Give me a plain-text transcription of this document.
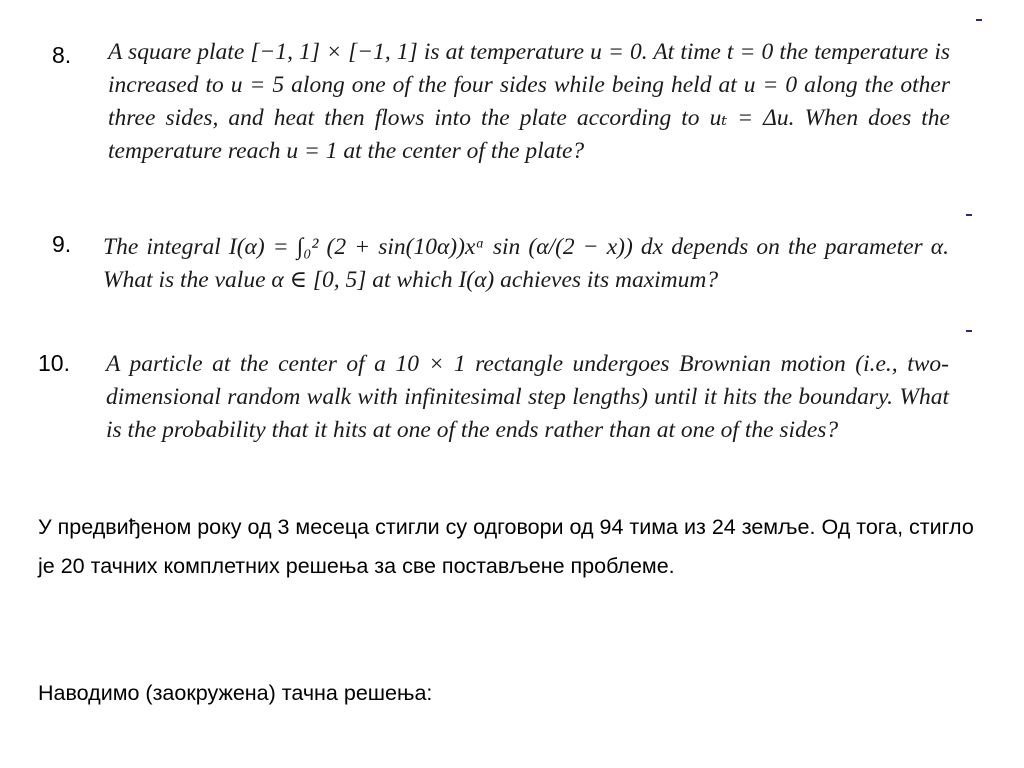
8. A square plate [−1, 1] × [−1, 1] is at temperature u = 0. At time t = 0 the temperature is increased to u = 5 along one of the four sides while being held at u = 0 along the other three sides, and heat then flows into the plate according to uₜ = Δu. When does the temperature reach u = 1 at the center of the plate?
9. The integral I(α) = ∫₀² (2 + sin(10α))xᵅ sin (α/(2 − x)) dx depends on the parameter α. What is the value α ∈ [0, 5] at which I(α) achieves its maximum?
10. A particle at the center of a 10 × 1 rectangle undergoes Brownian motion (i.e., two-dimensional random walk with infinitesimal step lengths) until it hits the boundary. What is the probability that it hits at one of the ends rather than at one of the sides?
У предвиђеном року од 3 месеца стигли су одговори од 94 тима из 24 земље. Од тога, стигло је 20 тачних комплетних решења за све постављене проблеме.
Наводимо (заокружена) тачна решења:
